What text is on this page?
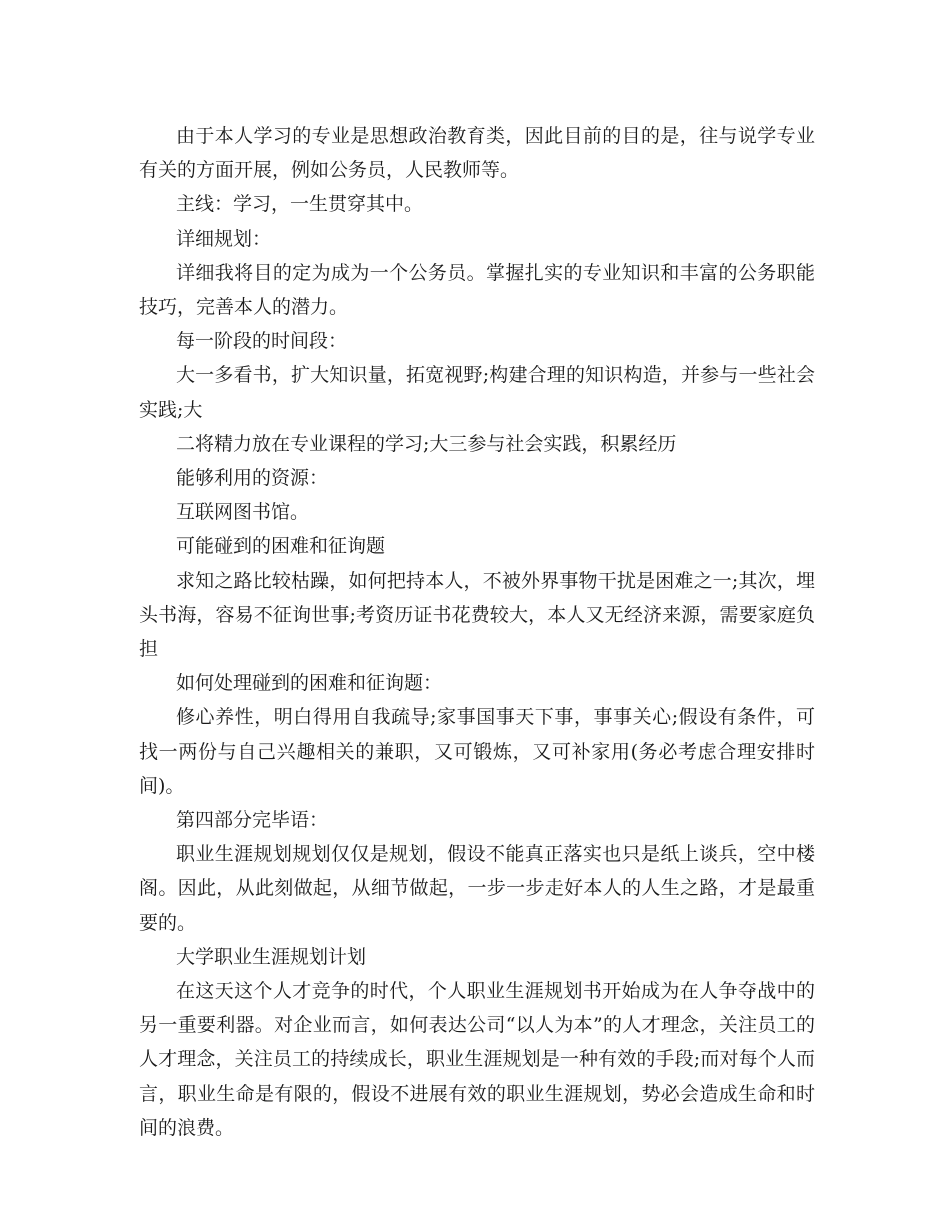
由于本人学习的专业是思想政治教育类，因此目前的目的是，往与说学专业有关的方面开展，例如公务员，人民教师等。

主线：学习，一生贯穿其中。

详细规划：

详细我将目的定为成为一个公务员。掌握扎实的专业知识和丰富的公务职能技巧，完善本人的潜力。

每一阶段的时间段：

大一多看书，扩大知识量，拓宽视野;构建合理的知识构造，并参与一些社会实践;大

二将精力放在专业课程的学习;大三参与社会实践，积累经历

能够利用的资源：

互联网图书馆。

可能碰到的困难和征询题

求知之路比较枯躁，如何把持本人，不被外界事物干扰是困难之一;其次，埋头书海，容易不征询世事;考资历证书花费较大，本人又无经济来源，需要家庭负担

如何处理碰到的困难和征询题：

修心养性，明白得用自我疏导;家事国事天下事，事事关心;假设有条件，可找一两份与自己兴趣相关的兼职，又可锻炼，又可补家用(务必考虑合理安排时间)。

第四部分完毕语：

职业生涯规划规划仅仅是规划，假设不能真正落实也只是纸上谈兵，空中楼阁。因此，从此刻做起，从细节做起，一步一步走好本人的人生之路，才是最重要的。

大学职业生涯规划计划

在这天这个人才竞争的时代，个人职业生涯规划书开始成为在人争夺战中的另一重要利器。对企业而言，如何表达公司“以人为本”的人才理念，关注员工的人才理念，关注员工的持续成长，职业生涯规划是一种有效的手段;而对每个人而言，职业生命是有限的，假设不进展有效的职业生涯规划，势必会造成生命和时间的浪费。
